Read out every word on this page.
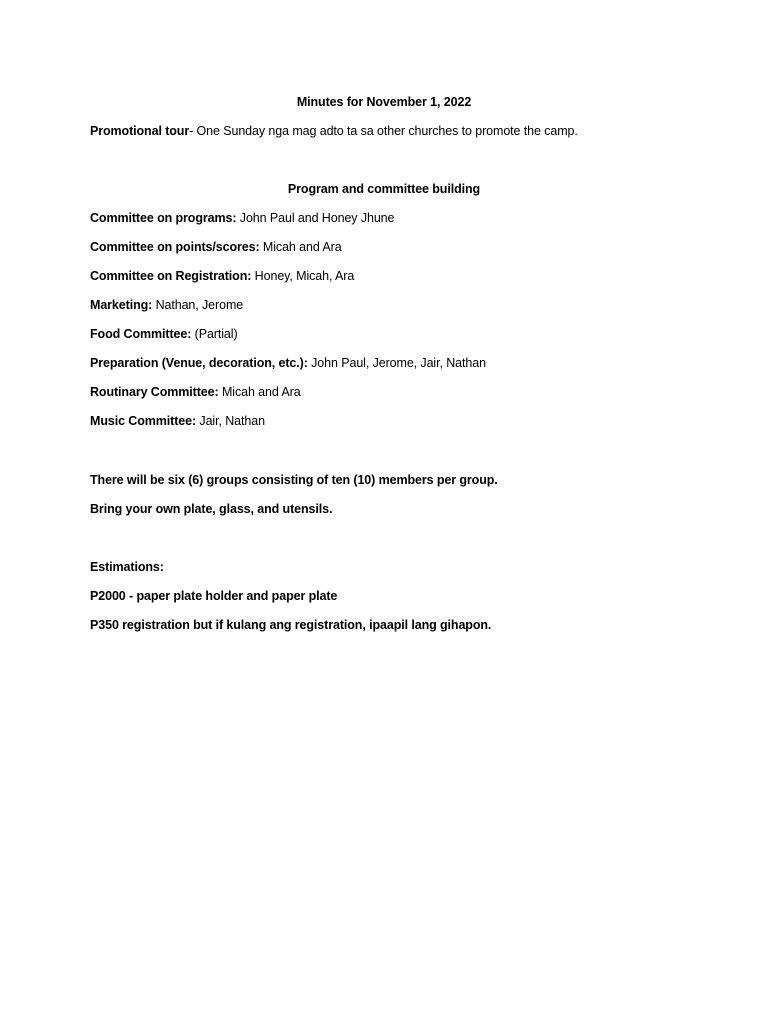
Minutes for November 1, 2022
Promotional tour- One Sunday nga mag adto ta sa other churches to promote the camp.
Program and committee building
Committee on programs: John Paul and Honey Jhune
Committee on points/scores: Micah and Ara
Committee on Registration: Honey, Micah, Ara
Marketing: Nathan, Jerome
Food Committee: (Partial)
Preparation (Venue, decoration, etc.): John Paul, Jerome, Jair, Nathan
Routinary Committee: Micah and Ara
Music Committee: Jair, Nathan
There will be six (6) groups consisting of ten (10) members per group.
Bring your own plate, glass, and utensils.
Estimations:
P2000 - paper plate holder and paper plate
P350 registration but if kulang ang registration, ipaapil lang gihapon.
